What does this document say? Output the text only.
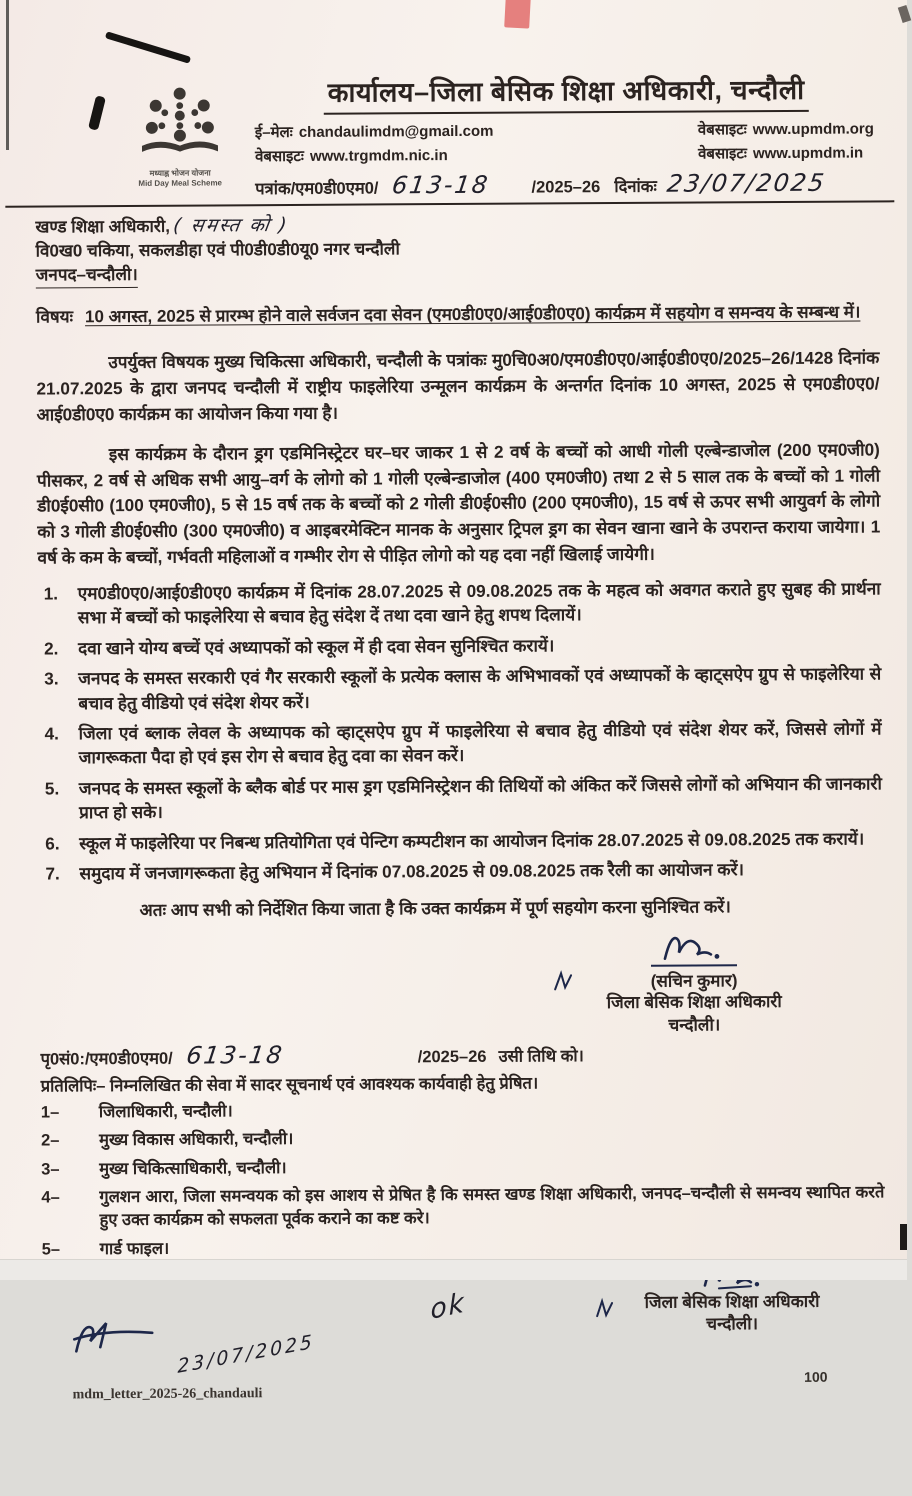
मध्याह्न भोजन योजना
Mid Day Meal Scheme
कार्यालय–जिला बेसिक शिक्षा अधिकारी, चन्दौली
ई–मेलः chandaulimdm@gmail.com
वेबसाइटः www.trgmdm.nic.in
वेबसाइटः www.upmdm.org
वेबसाइटः www.upmdm.in
पत्रांक/एम0डी0एम0/ 613-18 /2025–26 दिनांकः 23/07/2025
खण्ड शिक्षा अधिकारी, ( समस्त को )
वि0ख0 चकिया, सकलडीहा एवं पी0डी0डी0यू0 नगर चन्दौली
जनपद–चन्दौली।
विषयः 10 अगस्त, 2025 से प्रारम्भ होने वाले सर्वजन दवा सेवन (एम0डी0ए0/आई0डी0ए0) कार्यक्रम में सहयोग व समन्वय के सम्बन्ध में।
उपर्युक्त विषयक मुख्य चिकित्सा अधिकारी, चन्दौली के पत्रांकः मु0चि0अ0/एम0डी0ए0/आई0डी0ए0/2025–26/1428 दिनांक 21.07.2025 के द्वारा जनपद चन्दौली में राष्ट्रीय फाइलेरिया उन्मूलन कार्यक्रम के अन्तर्गत दिनांक 10 अगस्त, 2025 से एम0डी0ए0/आई0डी0ए0 कार्यक्रम का आयोजन किया गया है।
इस कार्यक्रम के दौरान ड्रग एडमिनिस्ट्रेटर घर–घर जाकर 1 से 2 वर्ष के बच्चों को आधी गोली एल्बेन्डाजोल (200 एम0जी0) पीसकर, 2 वर्ष से अधिक सभी आयु–वर्ग के लोगो को 1 गोली एल्बेन्डाजोल (400 एम0जी0) तथा 2 से 5 साल तक के बच्चों को 1 गोली डी0ई0सी0 (100 एम0जी0), 5 से 15 वर्ष तक के बच्चों को 2 गोली डी0ई0सी0 (200 एम0जी0), 15 वर्ष से ऊपर सभी आयुवर्ग के लोगो को 3 गोली डी0ई0सी0 (300 एम0जी0) व आइबरमेक्टिन मानक के अनुसार ट्रिपल ड्रग का सेवन खाना खाने के उपरान्त कराया जायेगा। 1 वर्ष के कम के बच्चों, गर्भवती महिलाओं व गम्भीर रोग से पीड़ित लोगो को यह दवा नहीं खिलाई जायेगी।
1.	एम0डी0ए0/आई0डी0ए0 कार्यक्रम में दिनांक 28.07.2025 से 09.08.2025 तक के महत्व को अवगत कराते हुए सुबह की प्रार्थना सभा में बच्चों को फाइलेरिया से बचाव हेतु संदेश दें तथा दवा खाने हेतु शपथ दिलायें।
2.	दवा खाने योग्य बच्चें एवं अध्यापकों को स्कूल में ही दवा सेवन सुनिश्चित करायें।
3.	जनपद के समस्त सरकारी एवं गैर सरकारी स्कूलों के प्रत्येक क्लास के अभिभावकों एवं अध्यापकों के व्हाट्सऐप ग्रुप से फाइलेरिया से बचाव हेतु वीडियो एवं संदेश शेयर करें।
4.	जिला एवं ब्लाक लेवल के अध्यापक को व्हाट्सऐप ग्रुप में फाइलेरिया से बचाव हेतु वीडियो एवं संदेश शेयर करें, जिससे लोगों में जागरूकता पैदा हो एवं इस रोग से बचाव हेतु दवा का सेवन करें।
5.	जनपद के समस्त स्कूलों के ब्लैक बोर्ड पर मास ड्रग एडमिनिस्ट्रेशन की तिथियों को अंकित करें जिससे लोगों को अभियान की जानकारी प्राप्त हो सके।
6.	स्कूल में फाइलेरिया पर निबन्ध प्रतियोगिता एवं पेन्टिग कम्पटीशन का आयोजन दिनांक 28.07.2025 से 09.08.2025 तक करायें।
7.	समुदाय में जनजागरूकता हेतु अभियान में दिनांक 07.08.2025 से 09.08.2025 तक रैली का आयोजन करें।
अतः आप सभी को निर्देशित किया जाता है कि उक्त कार्यक्रम में पूर्ण सहयोग करना सुनिश्चित करें।
(सचिन कुमार)
जिला बेसिक शिक्षा अधिकारी
चन्दौली।
पृ0सं0:/एम0डी0एम0/ 613-18	/2025–26 उसी तिथि को।
प्रतिलिपिः– निम्नलिखित की सेवा में सादर सूचनार्थ एवं आवश्यक कार्यवाही हेतु प्रेषित।
1–	जिलाधिकारी, चन्दौली।
2–	मुख्य विकास अधिकारी, चन्दौली।
3–	मुख्य चिकित्साधिकारी, चन्दौली।
4–	गुलशन आरा, जिला समन्वयक को इस आशय से प्रेषित है कि समस्त खण्ड शिक्षा अधिकारी, जनपद–चन्दौली से समन्वय स्थापित करते हुए उक्त कार्यक्रम को सफलता पूर्वक कराने का कष्ट करे।
5–	गार्ड फाइल।
ok	जिला बेसिक शिक्षा अधिकारी
चन्दौली।
23/07/2025
mdm_letter_2025-26_chandauli
100
